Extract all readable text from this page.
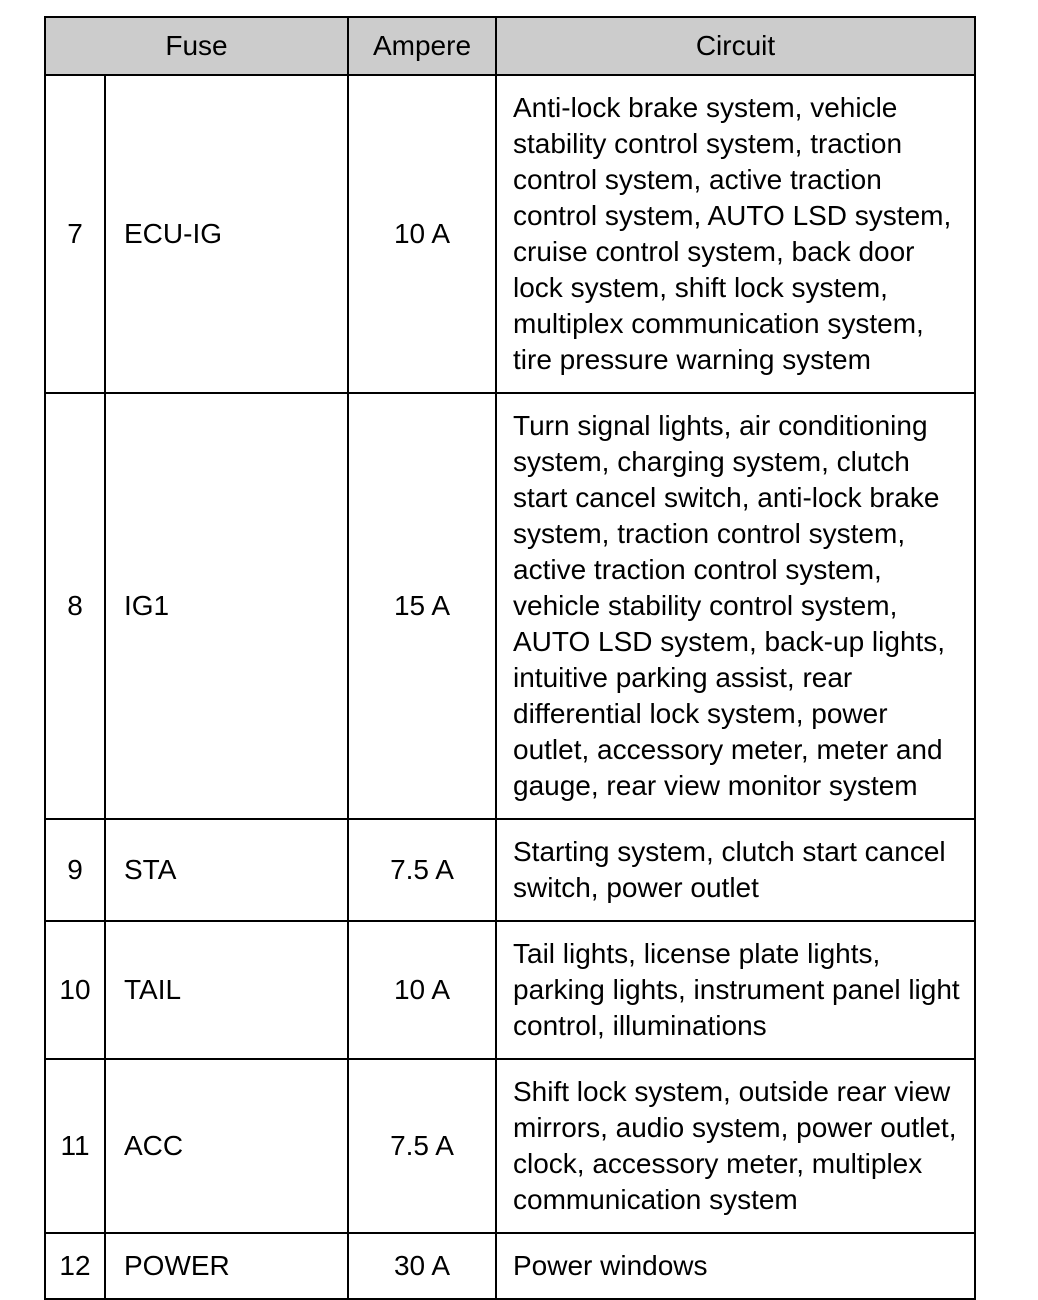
Fuse		Ampere	Circuit
7	ECU-IG	10 A	Anti-lock brake system, vehicle stability control system, traction control system, active traction control system, AUTO LSD system, cruise control system, back door lock system, shift lock system, multiplex communication system, tire pressure warning system
8	IG1	15 A	Turn signal lights, air conditioning system, charging system, clutch start cancel switch, anti-lock brake system, traction control system, active traction control system, vehicle stability control system, AUTO LSD system, back-up lights, intuitive parking assist, rear differential lock system, power outlet, accessory meter, meter and gauge, rear view monitor system
9	STA	7.5 A	Starting system, clutch start cancel switch, power outlet
10	TAIL	10 A	Tail lights, license plate lights, parking lights, instrument panel light control, illuminations
11	ACC	7.5 A	Shift lock system, outside rear view mirrors, audio system, power outlet, clock, accessory meter, multiplex communication system
12	POWER	30 A	Power windows
